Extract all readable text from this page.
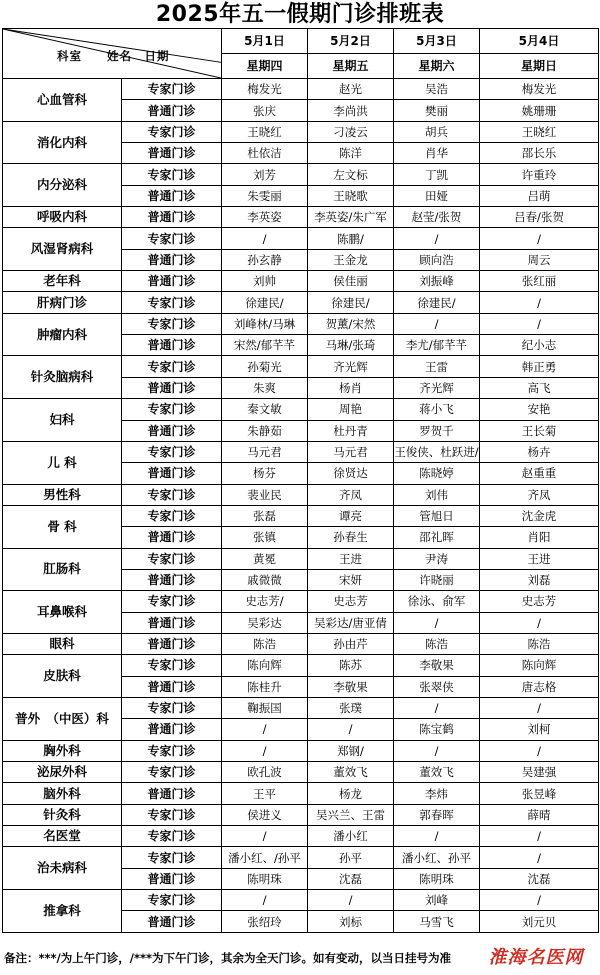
2025年五一假期门诊排班表
科室　　姓名　日期		5月1日	5月2日	5月3日	5月4日
		星期四	星期五	星期六	星期日
心血管科	专家门诊	梅发光	赵光	吴浩	梅发光
	普通门诊	张庆	李尚洪	樊丽	姚珊珊
消化内科	专家门诊	王晓红	刁凌云	胡兵	王晓红
	普通门诊	杜依洁	陈洋	肖华	邵长乐
内分泌科	专家门诊	刘芳	左文标	丁凯	许重玲
	普通门诊	朱雯丽	王晓歌	田娅	吕萌
呼吸内科	普通门诊	李英姿	李英姿/朱广军	赵莹/张贺	吕春/张贺
风湿肾病科	专家门诊	/	陈鹏/	/	/
	普通门诊	孙玄静	王金龙	顾向浩	周云
老年科	普通门诊	刘帅	侯佳丽	刘振峰	张红丽
肝病门诊	专家门诊	徐建民/	徐建民/	徐建民/	/
肿瘤内科	专家门诊	刘峰林/马琳	贺薰/宋然	/	/
	普通门诊	宋然/郁芊芊	马琳/张琦	李尤/郁芊芊	纪小志
针灸脑病科	专家门诊	孙菊光	齐光辉	王雷	韩正勇
	普通门诊	朱爽	杨肖	齐光辉	高飞
妇科	专家门诊	秦文敏	周艳	蒋小飞	安艳
	普通门诊	朱静茹	杜丹青	罗贺千	王长菊
儿 科	专家门诊	马元君	马元君	王俊侠、杜跃进/	杨卉
	普通门诊	杨芬	徐贤达	陈晓婷	赵重重
男性科	专家门诊	裴业民	齐凤	刘伟	齐凤
骨 科	专家门诊	张磊	谭亮	管旭日	沈金虎
	普通门诊	张镇	孙春生	邵礼晖	肖阳
肛肠科	专家门诊	黄冕	王进	尹涛	王进
	普通门诊	戚微微	宋妍	许晓丽	刘磊
耳鼻喉科	专家门诊	史志芳/	史志芳	徐泳、俞军	史志芳
	普通门诊	吴彩达	吴彩达/唐亚倩	/	/
眼科	普通门诊	陈浩	孙由芹	陈浩	陈浩
皮肤科	专家门诊	陈向辉	陈苏	李敬果	陈向辉
	普通门诊	陈桂升	李敬果	张翠侠	唐志格
普外　（中医）科	专家门诊	鞠振国	张璞	/	/
	普通门诊	/	/	陈宝鹤	刘柯
胸外科	专家门诊	/	郑钢/	/	/
泌尿外科	专家门诊	欧孔波	董效飞	董效飞	吴建强
脑外科	普通门诊	王平	杨龙	李炜	张昱峰
针灸科	专家门诊	侯进义	吴兴兰、王雷	郭春晖	薛晴
名医堂	专家门诊	/	潘小红	/	/
治未病科	专家门诊	潘小红、/孙平	孙平	潘小红、孙平	/
	普通门诊	陈明珠	沈磊	陈明珠	沈磊
推拿科	专家门诊	/	/	刘峰	/
	普通门诊	张绍玲	刘标	马雪飞	刘元贝
备注：***/为上午门诊，/***为下午门诊，其余为全天门诊。如有变动，以当日挂号为准	淮海名医网
